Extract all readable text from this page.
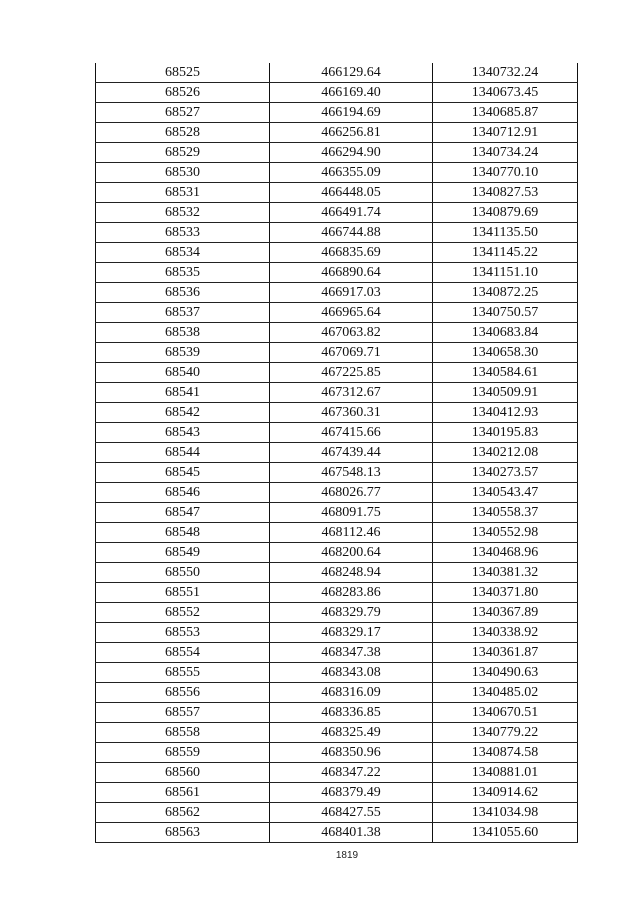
68525	466129.64	1340732.24
68526	466169.40	1340673.45
68527	466194.69	1340685.87
68528	466256.81	1340712.91
68529	466294.90	1340734.24
68530	466355.09	1340770.10
68531	466448.05	1340827.53
68532	466491.74	1340879.69
68533	466744.88	1341135.50
68534	466835.69	1341145.22
68535	466890.64	1341151.10
68536	466917.03	1340872.25
68537	466965.64	1340750.57
68538	467063.82	1340683.84
68539	467069.71	1340658.30
68540	467225.85	1340584.61
68541	467312.67	1340509.91
68542	467360.31	1340412.93
68543	467415.66	1340195.83
68544	467439.44	1340212.08
68545	467548.13	1340273.57
68546	468026.77	1340543.47
68547	468091.75	1340558.37
68548	468112.46	1340552.98
68549	468200.64	1340468.96
68550	468248.94	1340381.32
68551	468283.86	1340371.80
68552	468329.79	1340367.89
68553	468329.17	1340338.92
68554	468347.38	1340361.87
68555	468343.08	1340490.63
68556	468316.09	1340485.02
68557	468336.85	1340670.51
68558	468325.49	1340779.22
68559	468350.96	1340874.58
68560	468347.22	1340881.01
68561	468379.49	1340914.62
68562	468427.55	1341034.98
68563	468401.38	1341055.60
1819
